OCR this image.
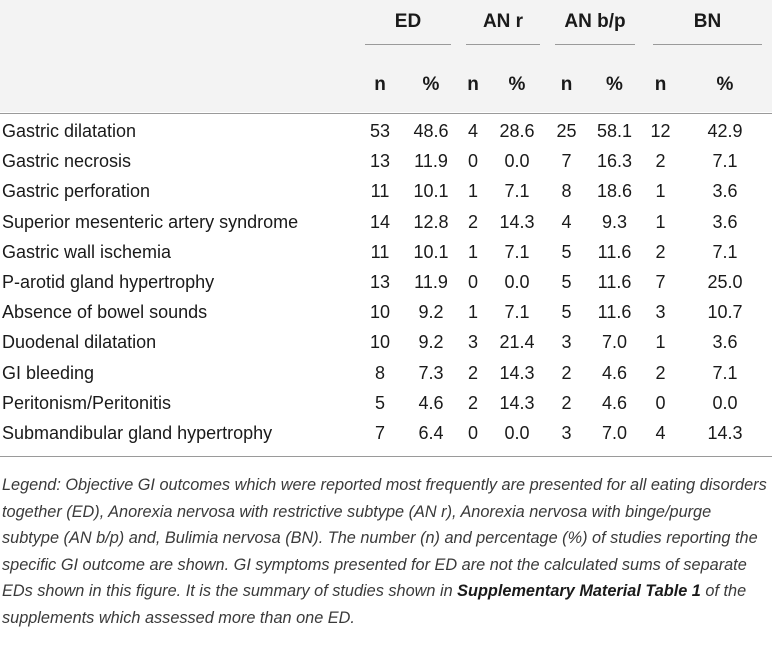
	ED		AN r		AN b/p		BN	
	n	%	n	%	n	%	n	%
Gastric dilatation	53	48.6	4	28.6	25	58.1	12	42.9
Gastric necrosis	13	11.9	0	0.0	7	16.3	2	7.1
Gastric perforation	11	10.1	1	7.1	8	18.6	1	3.6
Superior mesenteric artery syndrome	14	12.8	2	14.3	4	9.3	1	3.6
Gastric wall ischemia	11	10.1	1	7.1	5	11.6	2	7.1
P-arotid gland hypertrophy	13	11.9	0	0.0	5	11.6	7	25.0
Absence of bowel sounds	10	9.2	1	7.1	5	11.6	3	10.7
Duodenal dilatation	10	9.2	3	21.4	3	7.0	1	3.6
GI bleeding	8	7.3	2	14.3	2	4.6	2	7.1
Peritonism/Peritonitis	5	4.6	2	14.3	2	4.6	0	0.0
Submandibular gland hypertrophy	7	6.4	0	0.0	3	7.0	4	14.3
Legend: Objective GI outcomes which were reported most frequently are presented for all eating disorders together (ED), Anorexia nervosa with restrictive subtype (AN r), Anorexia nervosa with binge/purge subtype (AN b/p) and, Bulimia nervosa (BN). The number (n) and percentage (%) of studies reporting the specific GI outcome are shown. GI symptoms presented for ED are not the calculated sums of separate EDs shown in this figure. It is the summary of studies shown in Supplementary Material Table 1 of the supplements which assessed more than one ED.
